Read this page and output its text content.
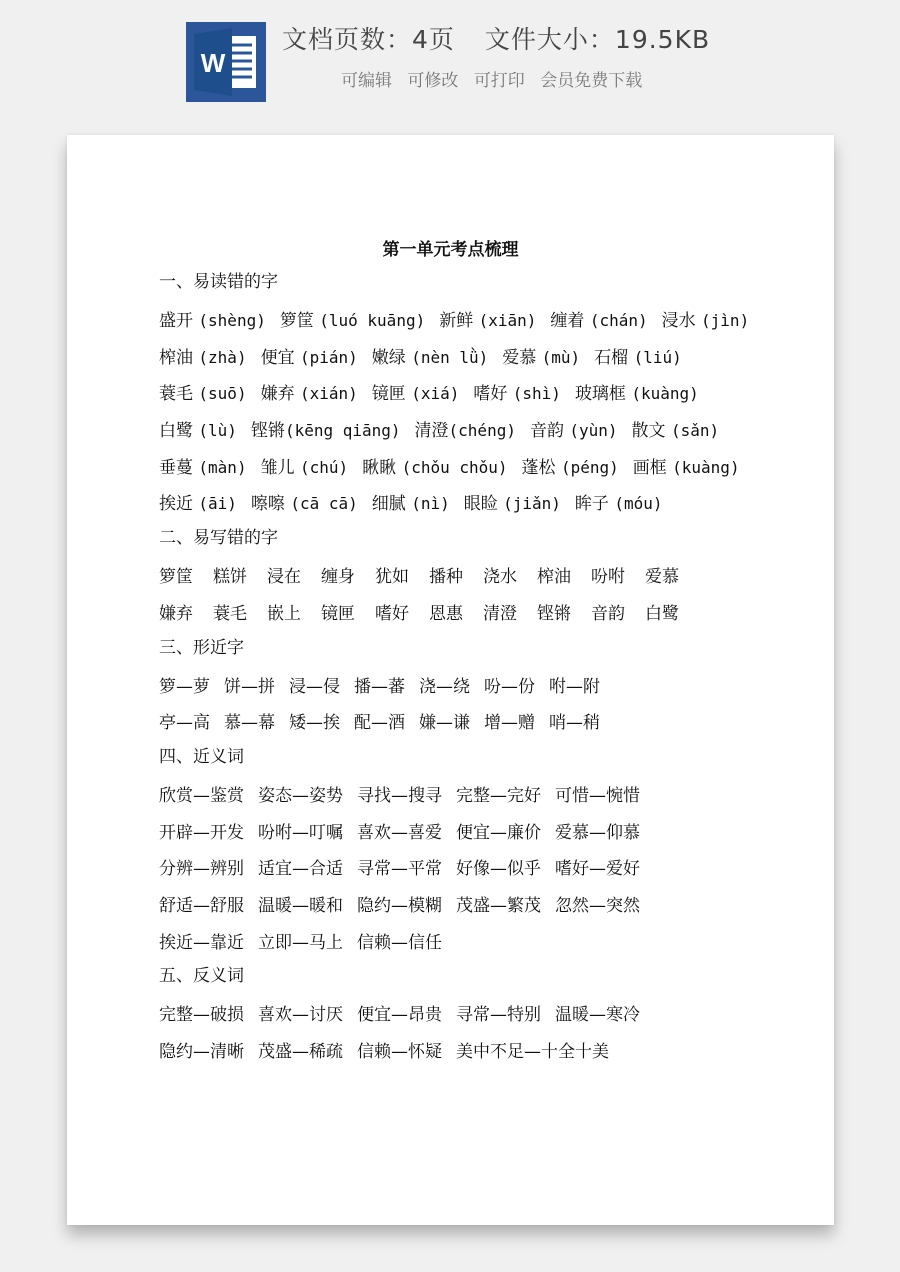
W
文档页数：4页 文件大小：19.5KB
可编辑 可修改 可打印 会员免费下载
第一单元考点梳理
一、易读错的字
盛开 (shèng) 箩筐 (luó kuāng) 新鲜 (xiān) 缠着 (chán) 浸水 (jìn)
榨油 (zhà) 便宜 (pián) 嫩绿 (nèn lǜ) 爱慕 (mù) 石榴 (liú)
蓑毛 (suō) 嫌弃 (xián) 镜匣 (xiá) 嗜好 (shì) 玻璃框 (kuàng)
白鹭 (lù) 铿锵(kēng qiāng) 清澄(chéng) 音韵 (yùn) 散文 (sǎn)
垂蔓 (màn) 雏儿 (chú) 瞅瞅 (chǒu chǒu) 蓬松 (péng) 画框 (kuàng)
挨近 (āi) 嚓嚓 (cā cā) 细腻 (nì) 眼睑 (jiǎn) 眸子 (móu)
二、易写错的字
箩筐 糕饼 浸在 缠身 犹如 播种 浇水 榨油 吩咐 爱慕
嫌弃 蓑毛 嵌上 镜匣 嗜好 恩惠 清澄 铿锵 音韵 白鹭
三、形近字
箩—萝 饼—拼 浸—侵 播—蕃 浇—绕 吩—份 咐—附
亭—高 慕—幕 矮—挨 配—酒 嫌—谦 增—赠 哨—稍
四、近义词
欣赏—鉴赏 姿态—姿势 寻找—搜寻 完整—完好 可惜—惋惜
开辟—开发 吩咐—叮嘱 喜欢—喜爱 便宜—廉价 爱慕—仰慕
分辨—辨别 适宜—合适 寻常—平常 好像—似乎 嗜好—爱好
舒适—舒服 温暖—暖和 隐约—模糊 茂盛—繁茂 忽然—突然
挨近—靠近 立即—马上 信赖—信任
五、反义词
完整—破损 喜欢—讨厌 便宜—昂贵 寻常—特别 温暖—寒冷
隐约—清晰 茂盛—稀疏 信赖—怀疑 美中不足—十全十美
